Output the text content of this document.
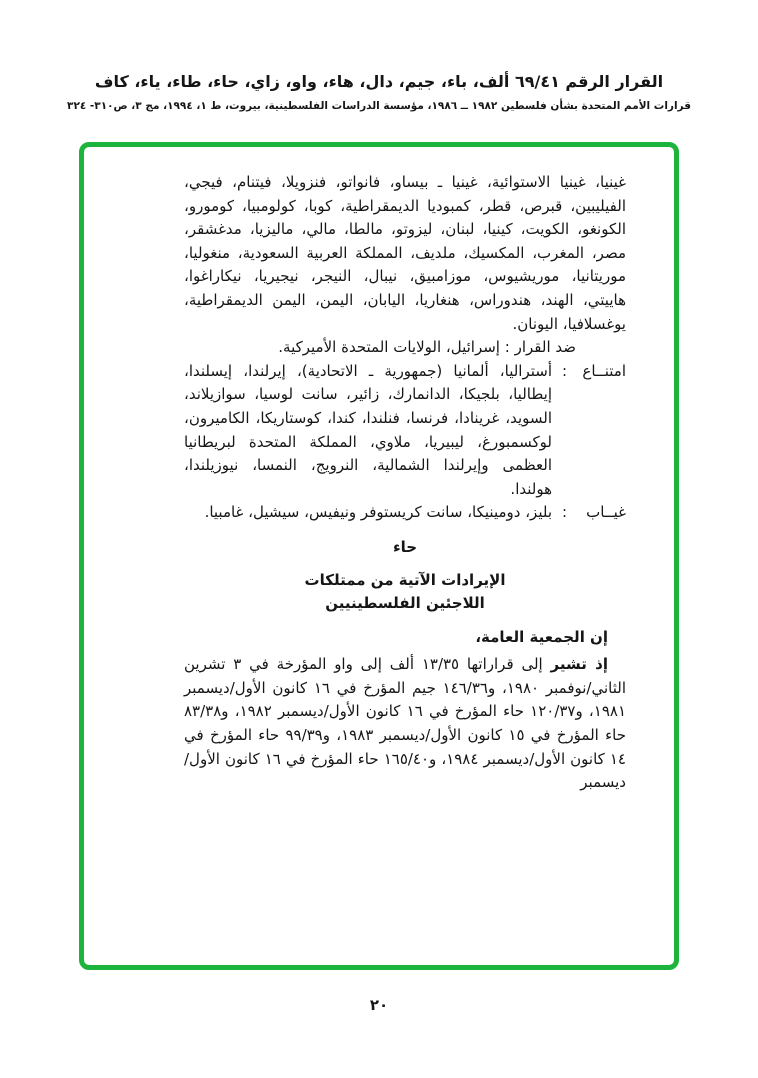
القرار الرقم ٦٩/٤١ ألف، باء، جيم، دال، هاء، واو، زاي، حاء، طاء، ياء، كاف
قرارات الأمم المتحدة بشأن فلسطين ١٩٨٢ ــ ١٩٨٦، مؤسسة الدراسات الفلسطينية، بيروت، ط ١، ١٩٩٤، مج ٣، ص٣١٠- ٣٢٤

غينيا، غينيا الاستوائية، غينيا ـ بيساو، فانواتو، فنزويلا، فيتنام، فيجي، الفيليبين، قبرص، قطر، كمبوديا الديمقراطية، كوبا، كولومبيا، كومورو، الكونغو، الكويت، كينيا، لبنان، ليزوتو، مالطا، مالي، ماليزيا، مدغشقر، مصر، المغرب، المكسيك، ملديف، المملكة العربية السعودية، منغوليا، موريتانيا، موريشيوس، موزامبيق، نيبال، النيجر، نيجيريا، نيكاراغوا، هاييتي، الهند، هندوراس، هنغاريا، اليابان، اليمن، اليمن الديمقراطية، يوغسلافيا، اليونان.

ضد القرار : إسرائيل، الولايات المتحدة الأميركية.
امتنــاع
:
أستراليا، ألمانيا (جمهورية ـ الاتحادية)، إيرلندا، إيسلندا، إيطاليا، بلجيكا، الدانمارك، زائير، سانت لوسيا، سوازيلاند، السويد، غرينادا، فرنسا، فنلندا، كندا، كوستاريكا، الكاميرون، لوكسمبورغ، ليبيريا، ملاوي، المملكة المتحدة لبريطانيا العظمى وإيرلندا الشمالية، النرويج، النمسا، نيوزيلندا، هولندا.
غيــاب
:
بليز، دومينيكا، سانت كريستوفر ونيفيس، سيشيل، غامبيا.
حاء
الإيرادات الآتية من ممتلكات
اللاجئين الفلسطينيين
إن الجمعية العامة،

إذ تشير إلى قراراتها ١٣/٣٥ ألف إلى واو المؤرخة في ٣ تشرين الثاني/نوفمبر ١٩٨٠، و١٤٦/٣٦ جيم المؤرخ في ١٦ كانون الأول/ديسمبر ١٩٨١، و١٢٠/٣٧ حاء المؤرخ في ١٦ كانون الأول/ديسمبر ١٩٨٢، و٨٣/٣٨ حاء المؤرخ في ١٥ كانون الأول/ديسمبر ١٩٨٣، و٩٩/٣٩ حاء المؤرخ في ١٤ كانون الأول/ديسمبر ١٩٨٤، و١٦٥/٤٠ حاء المؤرخ في ١٦ كانون الأول/ديسمبر

٢٠
